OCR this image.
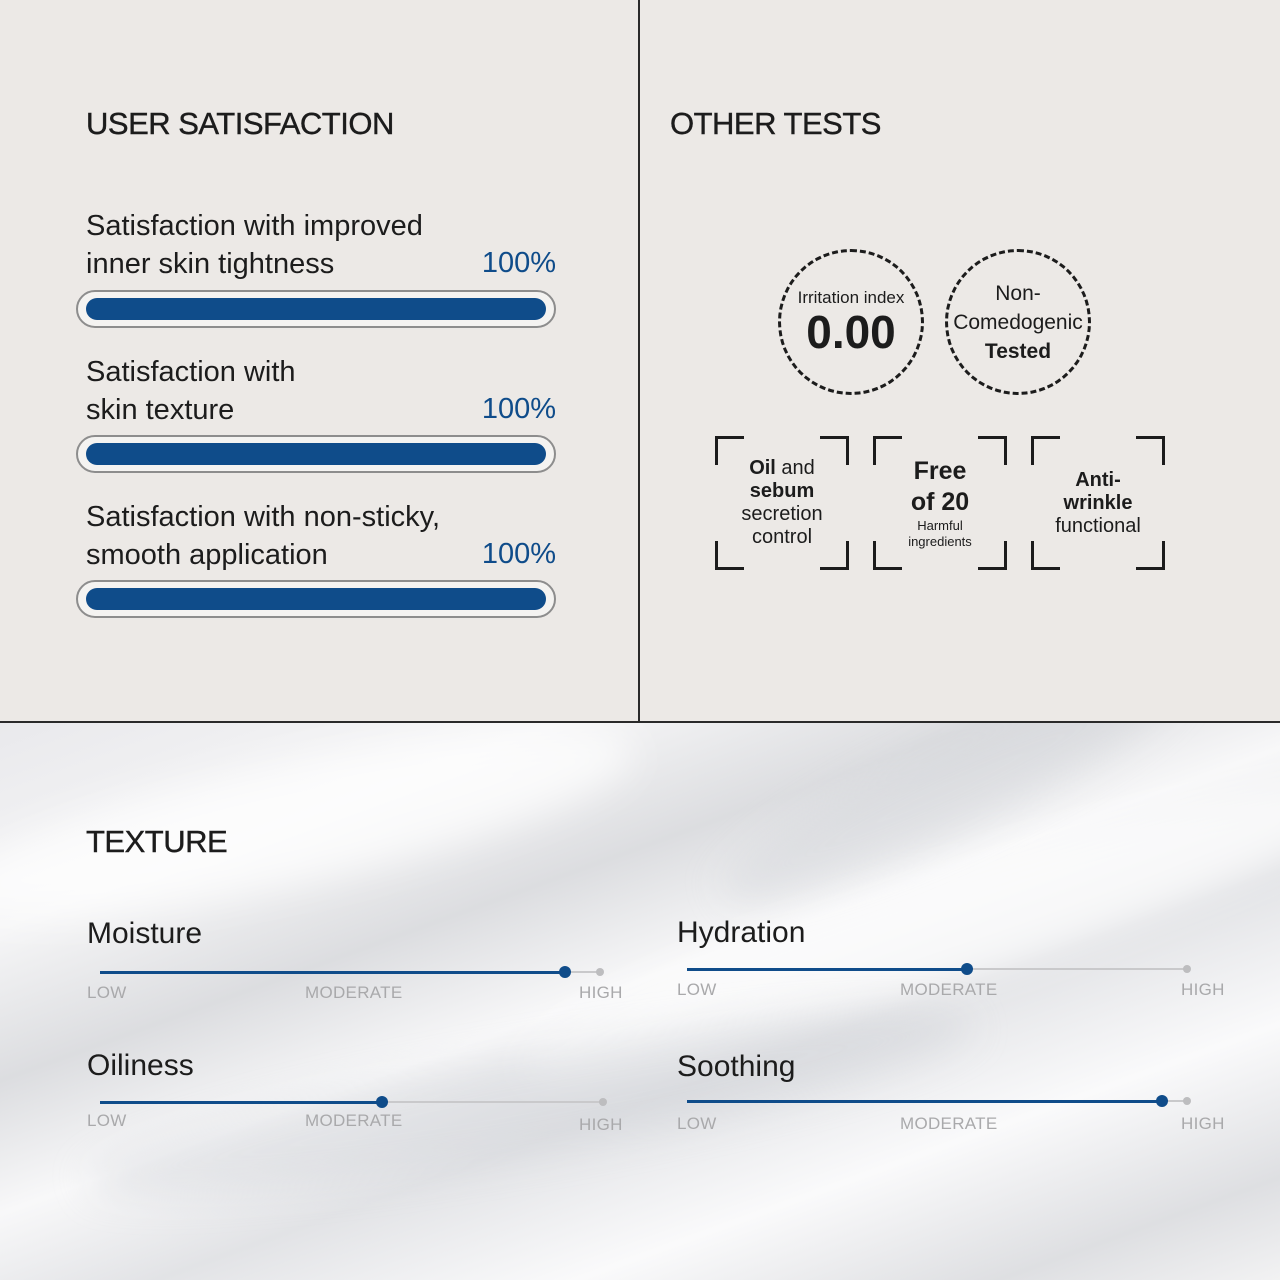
USER SATISFACTION
Satisfaction with improved
inner skin tightness	100%
Satisfaction with
skin texture	100%
Satisfaction with non-sticky,
smooth application	100%
OTHER TESTS
Irritation index
0.00
Non-
Comedogenic
Tested
Oil and
sebum
secretion
control
Free
of 20
Harmful
ingredients
Anti-
wrinkle
functional
TEXTURE
Moisture
LOW	MODERATE	HIGH
Hydration
LOW	MODERATE	HIGH
Oiliness
LOW	MODERATE	HIGH
Soothing
LOW	MODERATE	HIGH
